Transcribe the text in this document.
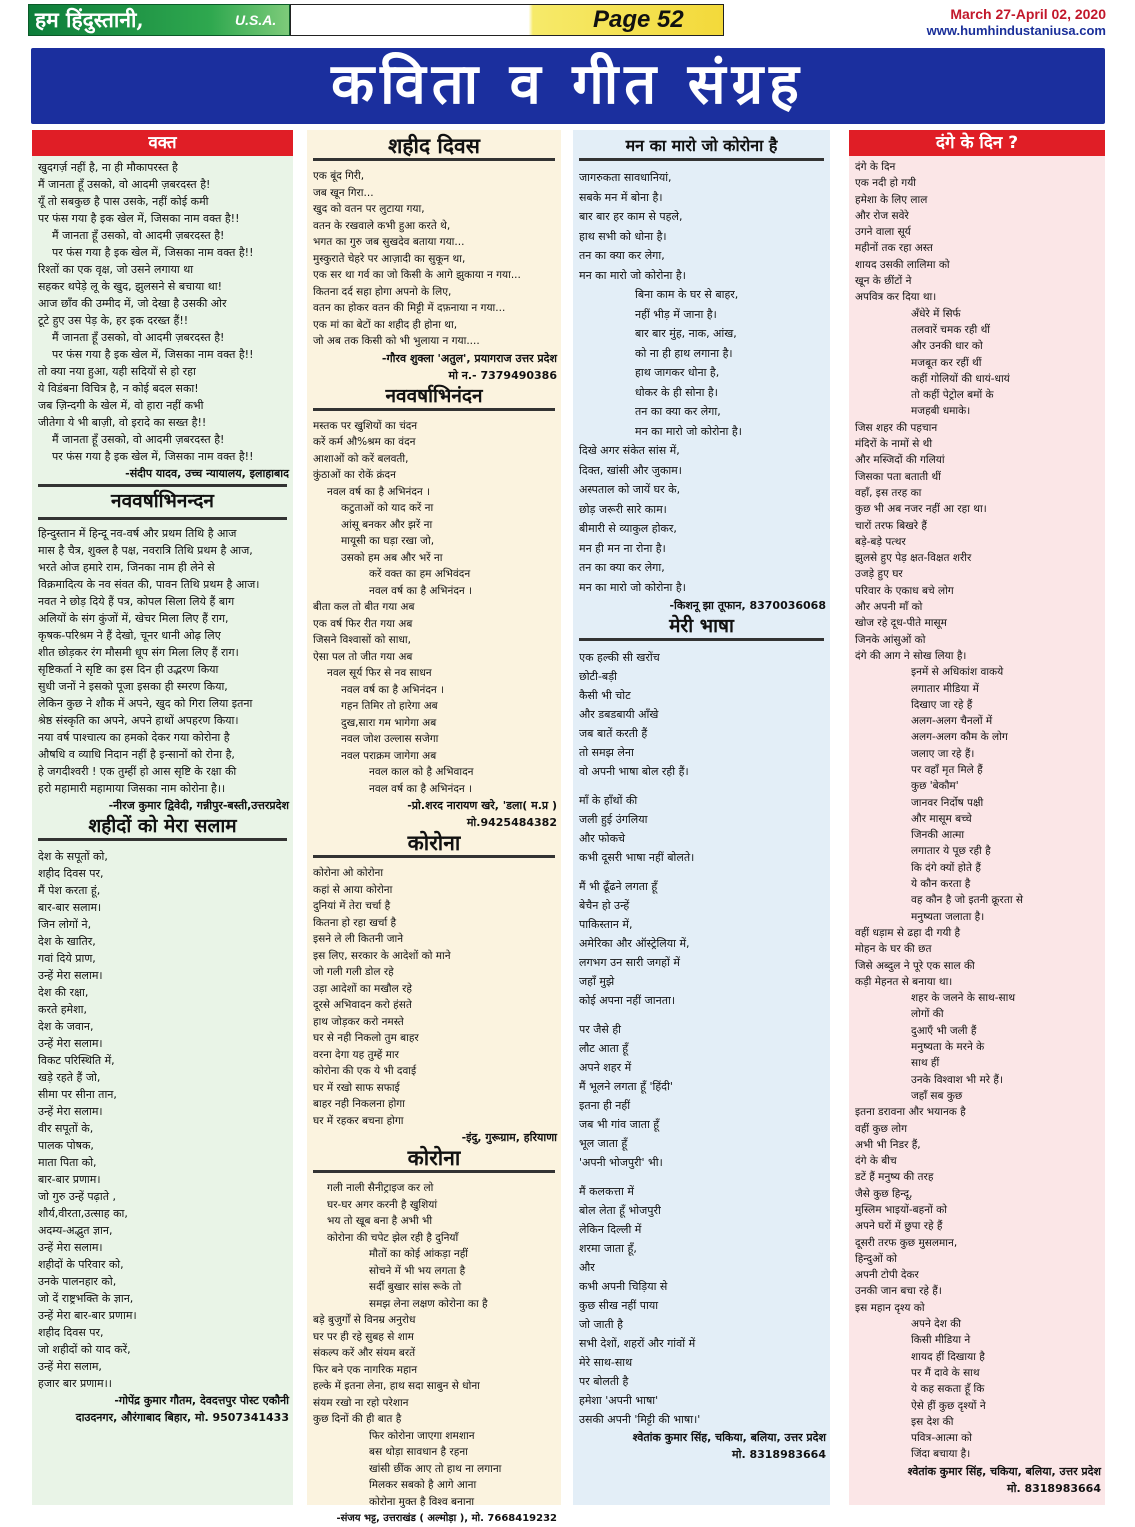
हम हिंदुस्तानी,	U.S.A.	Page 52	March 27-April 02, 2020
www.humhindustaniusa.com
कविता व गीत संग्रह
वक्त
खुदगर्ज़ नहीं है, ना ही मौकापरस्त है
मैं जानता हूँ उसको, वो आदमी ज़बरदस्त है!
यूँ तो सबकुछ है पास उसके, नहीं कोई कमी
पर फंस गया है इक खेल में, जिसका नाम वक्त है!!
मैं जानता हूँ उसको, वो आदमी ज़बरदस्त है!
पर फंस गया है इक खेल में, जिसका नाम वक्त है!!
रिश्तों का एक वृक्ष, जो उसने लगाया था
सहकर थपेड़े लू के खुद, झुलसने से बचाया था!
आज छाँव की उम्मीद में, जो देखा है उसकी ओर
टूटे हुए उस पेड़ के, हर इक दरख्त हैं!!
मैं जानता हूँ उसको, वो आदमी ज़बरदस्त है!
पर फंस गया है इक खेल में, जिसका नाम वक्त है!!
तो क्या नया हुआ, यही सदियों से हो रहा
ये विडंबना विचित्र है, न कोई बदल सका!
जब ज़िन्दगी के खेल में, वो हारा नहीं कभी
जीतेगा ये भी बाज़ी, वो इरादे का सख्त है!!
मैं जानता हूँ उसको, वो आदमी ज़बरदस्त है!
पर फंस गया है इक खेल में, जिसका नाम वक्त है!!
-संदीप यादव, उच्च न्यायालय, इलाहाबाद
नववर्षाभिनन्दन
हिन्दुस्तान में हिन्दू नव-वर्ष और प्रथम तिथि है आज
मास है चैत्र, शुक्ल है पक्ष, नवरात्रि तिथि प्रथम है आज,
भरते ओज हमारे राम, जिनका नाम ही लेने से
विक्रमादित्य के नव संवत की, पावन तिथि प्रथम है आज।
नवत ने छोड़ दिये हैं पत्र, कोपल सिला लिये हैं बाग
अलियों के संग कुंजों में, खेचर मिला लिए हैं राग,
कृषक-परिश्रम ने हैं देखो, चूनर धानी ओढ़ लिए
शीत छोड़कर रंग मौसमी धूप संग मिला लिए हैं राग।
सृष्टिकर्ता ने सृष्टि का इस दिन ही उद्भरण किया
सुधी जनों ने इसको पूजा इसका ही स्मरण किया,
लेकिन कुछ ने शौक में अपने, खुद को गिरा लिया इतना
श्रेष्ठ संस्कृति का अपने, अपने हाथों अपहरण किया।
नया वर्ष पाश्चात्य का हमको देकर गया कोरोना है
औषधि व व्याधि निदान नहीं है इन्सानों को रोना है,
हे जगदीश्वरी ! एक तुम्हीं हो आस सृष्टि के रक्षा की
हरो महामारी महामाया जिसका नाम कोरोना है।।
-नीरज कुमार द्विवेदी, गन्नीपुर-बस्ती,उत्तरप्रदेश
शहीदों को मेरा सलाम
देश के सपूतों को,
शहीद दिवस पर,
मैं पेश करता हूं,
बार-बार सलाम।
जिन लोगों ने,
देश के खातिर,
गवां दिये प्राण,
उन्हें मेरा सलाम।
देश की रक्षा,
करते हमेशा,
देश के जवान,
उन्हें मेरा सलाम।
विकट परिस्थिति में,
खड़े रहते हैं जो,
सीमा पर सीना तान,
उन्हें मेरा सलाम।
वीर सपूतों के,
पालक पोषक,
माता पिता को,
बार-बार प्रणाम।
जो गुरु उन्हें पढ़ाते ,
शौर्य,वीरता,उत्साह का,
अदम्य-अद्भुत ज्ञान,
उन्हें मेरा सलाम।
शहीदों के परिवार को,
उनके पालनहार को,
जो दें राष्ट्रभक्ति के ज्ञान,
उन्हें मेरा बार-बार प्रणाम।
शहीद दिवस पर,
जो शहीदों को याद करें,
उन्हें मेरा सलाम,
हजार बार प्रणाम।।
-गोपेंद्र कुमार गौतम, देवदत्तपुर पोस्ट एकौनी
दाउदनगर, औरंगाबाद बिहार, मो. 9507341433
शहीद दिवस
एक बूंद गिरी,
जब खून गिरा...
खुद को वतन पर लुटाया गया,
वतन के रखवाले कभी हुआ करते थे,
भगत का गुरु जब सुखदेव बताया गया...
मुस्कुराते चेहरे पर आज़ादी का सुकून था,
एक सर था गर्व का जो किसी के आगे झुकाया न गया...
कितना दर्द सहा होगा अपनो के लिए,
वतन का होकर वतन की मिट्टी में दफ़नाया न गया...
एक मां का बेटों का शहीद ही होना था,
जो अब तक किसी को भी भुलाया न गया....
-गौरव शुक्ला 'अतुल', प्रयागराज उत्तर प्रदेश
मो न.- 7379490386
नववर्षाभिनंदन
मस्तक पर खुशियों का चंदन
करें कर्म औ%श्रम का वंदन
आशाओं को करें बलवती,
कुंठाओं का रोकें क्रंदन
नवल वर्ष का है अभिनंदन ।
कटुताओं को याद करें ना
आंसू बनकर और झरें ना
मायूसी का घड़ा रखा जो,
उसको हम अब और भरें ना
करें वक्त का हम अभिवंदन
नवल वर्ष का है अभिनंदन ।
बीता कल तो बीत गया अब
एक वर्ष फिर रीत गया अब
जिसने विश्वासों को साधा,
ऐसा पल तो जीत गया अब
नवल सूर्य फिर से नव साधन
नवल वर्ष का है अभिनंदन ।
गहन तिमिर तो हारेगा अब
दुख,सारा गम भागेगा अब
नवल जोश उल्लास सजेगा
नवल पराक्रम जागेगा अब
नवल काल को है अभिवादन
नवल वर्ष का है अभिनंदन ।
-प्रो.शरद नारायण खरे, 'डला( म.प्र )
मो.9425484382
कोरोना
कोरोना ओ कोरोना
कहां से आया कोरोना
दुनियां में तेरा चर्चा है
कितना हो रहा खर्चा है
इसने ले ली कितनी जाने
इस लिए, सरकार के आदेशों को माने
जो गली गली डोल रहे
उड़ा आदेशों का मखौल रहे
दूरसे अभिवादन करो हंसते
हाथ जोड़कर करो नमस्ते
घर से नही निकलो तुम बाहर
वरना देगा यह तुम्हें मार
कोरोना की एक ये भी दवाई
घर में रखो साफ सफाई
बाहर नही निकलना होगा
घर में रहकर बचना होगा
-इंदु, गुरूग्राम, हरियाणा
कोरोना
गली नाली सैनीट्राइज कर लो
घर-घर अगर करनी है खुशियां
भय तो खूब बना है अभी भी
कोरोना की चपेट झेल रही है दुनियाँ
मौतों का कोई आंकड़ा नहीं
सोचने में भी भय लगता है
सर्दी बुखार सांस रूके तो
समझ लेना लक्षण कोरोना का है
बड़े बुजुर्गों से विनम्र अनुरोध
घर पर ही रहे सुबह से शाम
संकल्प करें और संयम बरतें
फिर बने एक नागरिक महान
हल्के में इतना लेना, हाथ सदा साबुन से धोना
संयम रखो ना रहो परेशान
कुछ दिनों की ही बात है
फिर कोरोना जाएगा शमशान
बस थोड़ा सावधान है रहना
खांसी छींक आए तो हाथ ना लगाना
मिलकर सबको है आगे आना
कोरोना मुक्त है विश्व बनाना
-संजय भट्ट, उत्तराखंड ( अल्मोड़ा ), मो. 7668419232
मन का मारो जो कोरोना है
जागरुकता सावधानियां,
सबके मन में बोना है।
बार बार हर काम से पहले,
हाथ सभी को धोना है।
तन का क्या कर लेगा,
मन का मारो जो कोरोना है।
बिना काम के घर से बाहर,
नहीं भीड़ में जाना है।
बार बार मुंह, नाक, आंख,
को ना ही हाथ लगाना है।
हाथ जागकर धोना है,
धोकर के ही सोना है।
तन का क्या कर लेगा,
मन का मारो जो कोरोना है।
दिखे अगर संकेत सांस में,
दिक्त, खांसी और जुकाम।
अस्पताल को जायें घर के,
छोड़ जरूरी सारे काम।
बीमारी से व्याकुल होकर,
मन ही मन ना रोना है।
तन का क्या कर लेगा,
मन का मारो जो कोरोना है।
-किशनू झा तूफान, 8370036068
मेरी भाषा
एक हल्की सी खरोंच
छोटी-बड़ी
कैसी भी चोट
और डबडबायी आँखे
जब बातें करती हैं
तो समझ लेना
वो अपनी भाषा बोल रही हैं।
माँ के हाँथों की
जली हुई उंगलिया
और फोकचे
कभी दूसरी भाषा नहीं बोलते।
मैं भी ढूँढने लगता हूँ
बेचैन हो उन्हें
पाकिस्तान में,
अमेरिका और ऑस्ट्रेलिया में,
लगभग उन सारी जगहों में
जहाँ मुझे
कोई अपना नहीं जानता।
पर जैसे ही
लौट आता हूँ
अपने शहर में
मैं भूलने लगता हूँ 'हिंदी'
इतना ही नहीं
जब भी गांव जाता हूँ
भूल जाता हूँ
'अपनी भोजपुरी' भी।
मैं कलकत्ता में
बोल लेता हूँ भोजपुरी
लेकिन दिल्ली में
शरमा जाता हूँ,
और
कभी अपनी चिड़िया से
कुछ सीख नहीं पाया
जो जाती है
सभी देशों, शहरों और गांवों में
मेरे साथ-साथ
पर बोलती है
हमेशा 'अपनी भाषा'
उसकी अपनी 'मिट्टी की भाषा।'
श्वेतांक कुमार सिंह, चकिया, बलिया, उत्तर प्रदेश
मो. 8318983664
दंगे के दिन ?
दंगे के दिन
एक नदी हो गयी
हमेशा के लिए लाल
और रोज सवेरे
उगने वाला सूर्य
महीनों तक रहा अस्त
शायद उसकी लालिमा को
खून के छींटों ने
अपवित्र कर दिया था।
अँधेरे में सिर्फ
तलवारें चमक रही थीं
और उनकी धार को
मजबूत कर रहीं थीं
कहीं गोलियों की धायं-धायं
तो कहीं पेट्रोल बमों के
मजहबी धमाके।
जिस शहर की पहचान
मंदिरों के नामों से थी
और मस्जिदों की गलियां
जिसका पता बताती थीं
वहाँ, इस तरह का
कुछ भी अब नजर नहीं आ रहा था।
चारों तरफ बिखरे हैं
बड़े-बड़े पत्थर
झुलसे हुए पेड़ क्षत-विक्षत शरीर
उजड़े हुए घर
परिवार के एकाध बचे लोग
और अपनी माँ को
खोज रहे दूध-पीते मासूम
जिनके आंसुओं को
दंगे की आग ने सोख लिया है।
इनमें से अधिकांश वाकये
लगातार मीडिया में
दिखाए जा रहे हैं
अलग-अलग चैनलों में
अलग-अलग कौम के लोग
जलाए जा रहे हैं।
पर वहाँ मृत मिले हैं
कुछ 'बेकौम'
जानवर निर्दोष पक्षी
और मासूम बच्चे
जिनकी आत्मा
लगातार ये पूछ रही है
कि दंगे क्यों होते हैं
ये कौन करता है
वह कौन है जो इतनी क्रूरता से
मनुष्यता जलाता है।
वहीं धड़ाम से ढहा दी गयी है
मोहन के घर की छत
जिसे अब्दुल ने पूरे एक साल की
कड़ी मेहनत से बनाया था।
शहर के जलने के साथ-साथ
लोगों की
दुआएँ भी जली हैं
मनुष्यता के मरने के
साथ हीं
उनके विश्वाश भी मरे हैं।
जहाँ सब कुछ
इतना डरावना और भयानक है
वहीं कुछ लोग
अभी भी निडर हैं,
दंगे के बीच
डटें हैं मनुष्य की तरह
जैसे कुछ हिन्दू,
मुस्लिम भाइयों-बहनों को
अपने घरों में छुपा रहे हैं
दूसरी तरफ कुछ मुसलमान,
हिन्दुओं को
अपनी टोपी देकर
उनकी जान बचा रहे हैं।
इस महान दृश्य को
अपने देश की
किसी मीडिया ने
शायद हीं दिखाया है
पर मैं दावे के साथ
ये कह सकता हूँ कि
ऐसे हीं कुछ दृश्यों ने
इस देश की
पवित्र-आत्मा को
जिंदा बचाया है।
श्वेतांक कुमार सिंह, चकिया, बलिया, उत्तर प्रदेश
मो. 8318983664
